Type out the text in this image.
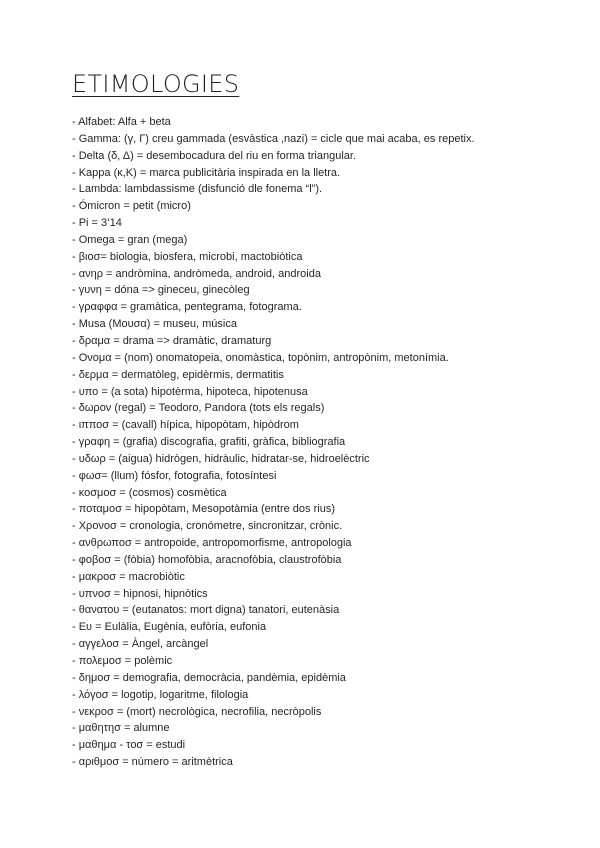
ETIMOLOGIES
- Alfabet: Alfa + beta
- Gamma: (γ, Γ) creu gammada (esvàstica ,nazi) = cicle que mai acaba, es repetix.
- Delta (δ, Δ) = desembocadura del riu en forma triangular.
- Kappa (κ,Κ) = marca publicitària inspirada en la lletra.
- Lambda: lambdassisme (disfunció dle fonema “l”).
- Ómicron = petit (micro)
- Pi = 3’14
- Omega = gran (mega)
- βιοσ= biologia, biosfera, microbi, mactobiòtica
- ανηρ = andròmina, andròmeda, android, androida
- γυνη = dóna => gineceu, ginecòleg
- γραφφα = gramàtica, pentegrama, fotograma.
- Musa (Μουσα) = museu, música
- δραμα = drama => dramàtic, dramaturg
- Ονομα = (nom) onomatopeia, onomàstica, topònim, antropònim, metonímia.
- δερμα = dermatòleg, epidèrmis, dermatitis
- υπο = (a sota) hipotèrma, hipoteca, hipotenusa
- δωρον (regal) = Teodoro, Pandora (tots els regals)
- ιπποσ = (cavall) hípica, hipopòtam, hipòdrom
- γραφη = (grafia) discografia, grafiti, gràfica, bibliografia
- υδωρ = (aigua) hidrògen, hidràulic, hidratar-se, hidroelèctric
- φωσ= (llum) fósfor, fotografia, fotosíntesi
- κοσμοσ = (cosmos) cosmètica
- ποταμοσ = hipopòtam, Mesopotàmia (entre dos rius)
- Χρονοσ = cronologia, cronómetre, sincronitzar, crònic.
- ανθρωποσ = antropoide, antropomorfisme, antropologia
- φοβοσ = (fòbia) homofòbia, aracnofòbia, claustrofòbia
- μακροσ = macrobiòtic
- υπνοσ = hipnosi, hipnòtics
- θανατου = (eutanatos: mort digna) tanatori, eutenàsia
- Ευ = Eulàlia, Eugènia, eufòria, eufonia
- αγγελοσ = Àngel, arcàngel
- πολεμοσ = polèmic
- δημοσ = demografia, democràcia, pandèmia, epidèmia
- λόγοσ = logotip, logaritme, filologia
- νεκροσ = (mort) necrològica, necrofilia, necròpolis
- μαθητησ = alumne
- μαθημα - τοσ = estudi
- αριθμοσ = número = aritmètrica
